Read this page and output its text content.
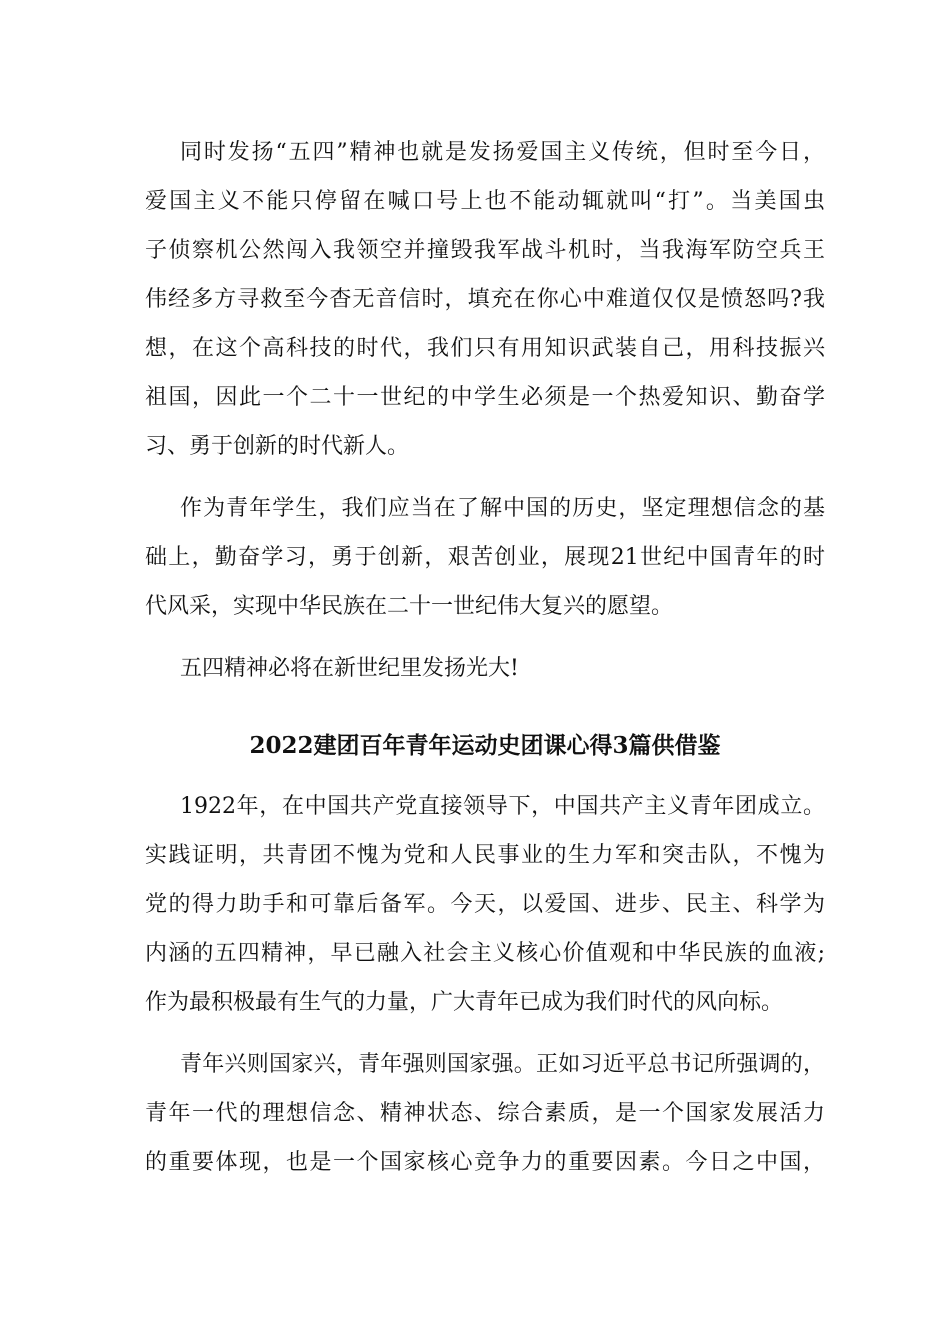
同时发扬“五四”精神也就是发扬爱国主义传统，但时至今日，

爱国主义不能只停留在喊口号上也不能动辄就叫“打”。当美国虫

子侦察机公然闯入我领空并撞毁我军战斗机时，当我海军防空兵王

伟经多方寻救至今杳无音信时，填充在你心中难道仅仅是愤怒吗?我

想，在这个高科技的时代，我们只有用知识武装自己，用科技振兴

祖国，因此一个二十一世纪的中学生必须是一个热爱知识、勤奋学

习、勇于创新的时代新人。

作为青年学生，我们应当在了解中国的历史，坚定理想信念的基

础上，勤奋学习，勇于创新，艰苦创业，展现21世纪中国青年的时

代风采，实现中华民族在二十一世纪伟大复兴的愿望。

五四精神必将在新世纪里发扬光大!

2022建团百年青年运动史团课心得3篇供借鉴

1922年，在中国共产党直接领导下，中国共产主义青年团成立。

实践证明，共青团不愧为党和人民事业的生力军和突击队，不愧为

党的得力助手和可靠后备军。今天，以爱国、进步、民主、科学为

内涵的五四精神，早已融入社会主义核心价值观和中华民族的血液;

作为最积极最有生气的力量，广大青年已成为我们时代的风向标。

青年兴则国家兴，青年强则国家强。正如习近平总书记所强调的，

青年一代的理想信念、精神状态、综合素质，是一个国家发展活力

的重要体现，也是一个国家核心竞争力的重要因素。今日之中国，
